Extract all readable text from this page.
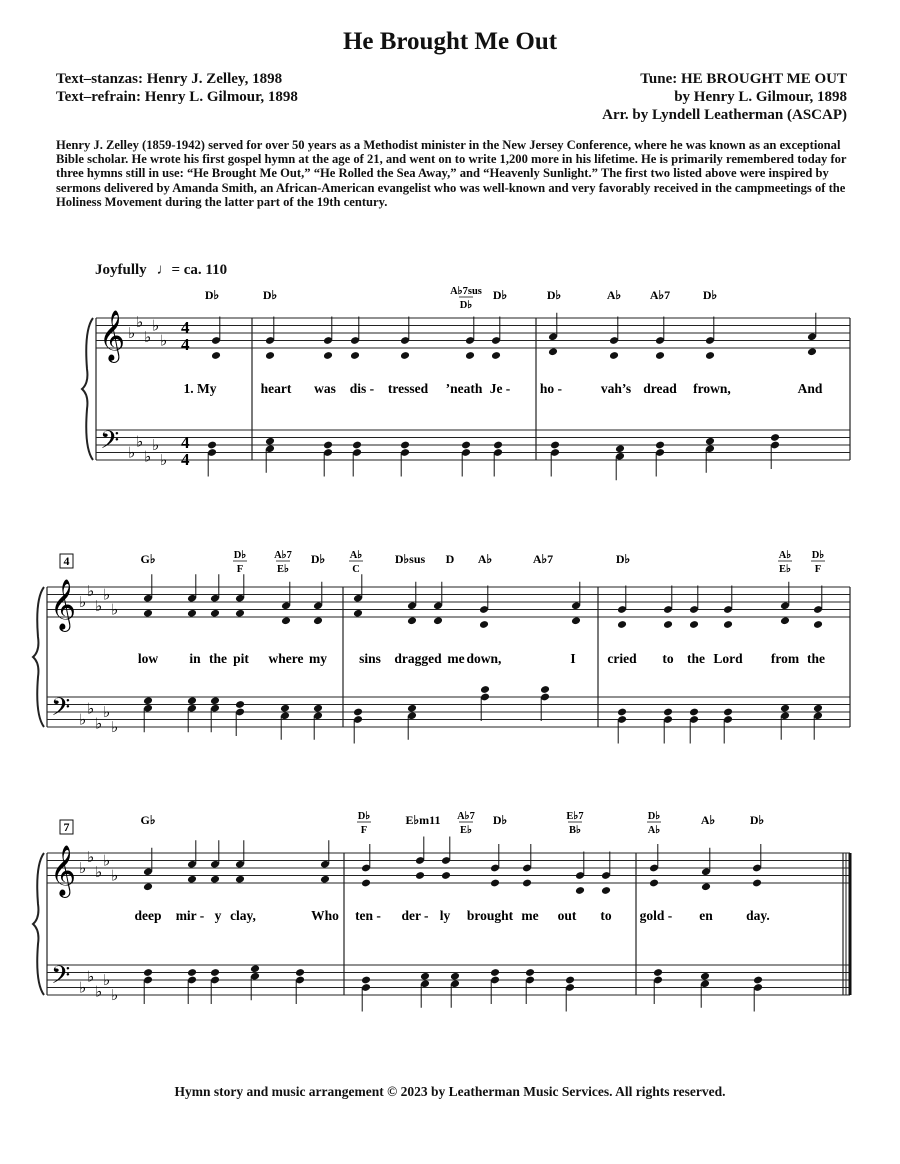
He Brought Me Out
Text–stanzas: Henry J. Zelley, 1898
Text–refrain: Henry L. Gilmour, 1898
Tune: HE BROUGHT ME OUT
by Henry L. Gilmour, 1898
Arr. by Lyndell Leatherman (ASCAP)
Henry J. Zelley (1859-1942) served for over 50 years as a Methodist minister in the New Jersey Conference, where he was known as an exceptional Bible scholar. He wrote his first gospel hymn at the age of 21, and went on to write 1,200 more in his lifetime. He is primarily remembered today for three hymns still in use: “He Brought Me Out,” “He Rolled the Sea Away,” and “Heavenly Sunlight.” The first two listed above were inspired by sermons delivered by Amanda Smith, an African-American evangelist who was well-known and very favorably received in the campmeetings of the Holiness Movement during the latter part of the 19th century.
Joyfully ♩= ca. 110
𝄞
𝄢
𝄞
𝄢
𝄞
𝄢
♭
♭
♭
♭
♭
♭
♭
♭
♭
♭
♭
♭
♭
♭
♭
♭
♭
♭
♭
♭
♭
♭
♭
♭
♭
♭
♭
♭
♭
♭
4
4
4
4
D♭	D♭	A♭7sus
D♭
D♭	D♭	A♭ A♭7	D♭
G♭	D♭
F
A♭7
E♭
D♭ A♭
C
D♭sus D A♭	A♭7	D♭	A♭
E♭
D♭
F
G♭	D♭
F
E♭m11 A♭7
E♭
D♭	E♭7
B♭
D♭
A♭
A♭	D♭
1. My	heart was dis - tressed ’neath Je - ho -	vah’s dread frown,	And
low in the pit where my sins dragged me down,	I cried to the Lord from the
deep mir - y clay,	Who ten - der - ly brought me out to gold - en day.
4
7
Hymn story and music arrangement © 2023 by Leatherman Music Services. All rights reserved.
